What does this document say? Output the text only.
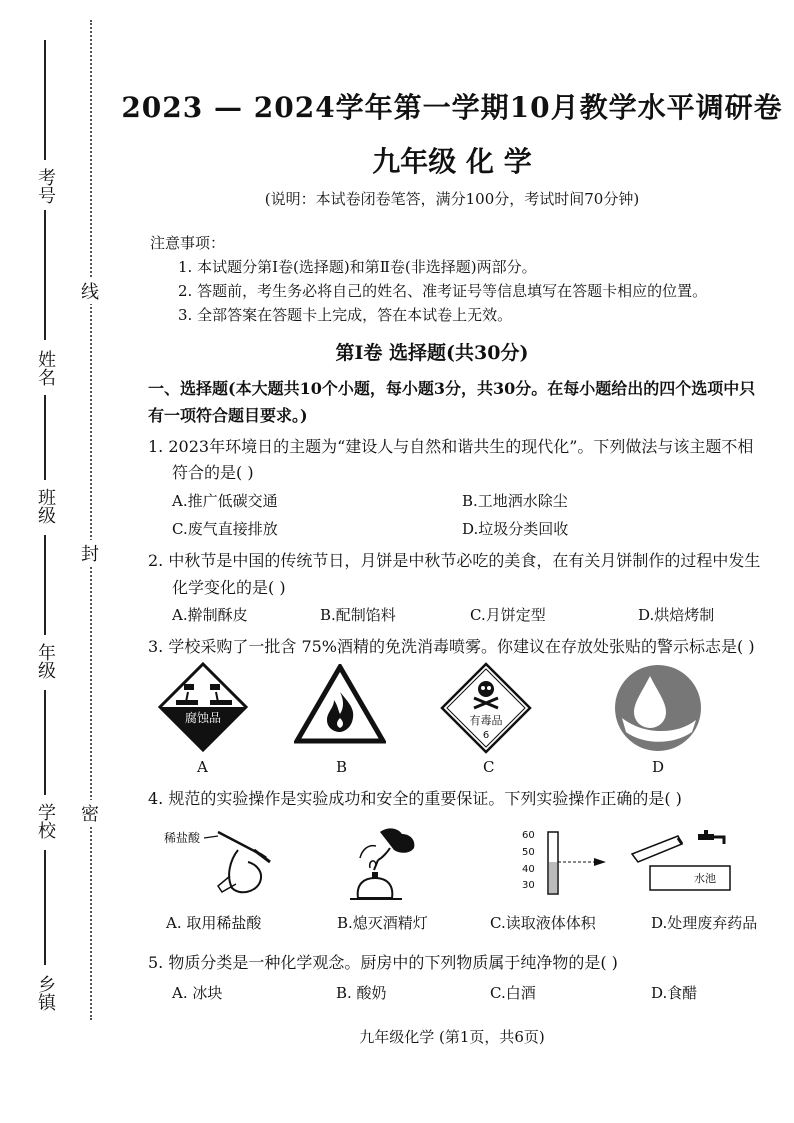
考号
姓名
班级
年级
学校
乡镇
线
封
密
2023 — 2024学年第一学期10月教学水平调研卷
九年级 化 学
(说明：本试卷闭卷笔答，满分100分，考试时间70分钟)
注意事项：
1. 本试题分第Ⅰ卷(选择题)和第Ⅱ卷(非选择题)两部分。
2. 答题前，考生务必将自己的姓名、准考证号等信息填写在答题卡相应的位置。
3. 全部答案在答题卡上完成，答在本试卷上无效。
第Ⅰ卷 选择题(共30分)
一、选择题(本大题共10个小题，每小题3分，共30分。在每小题给出的四个选项中只
有一项符合题目要求。)
1. 2023年环境日的主题为“建设人与自然和谐共生的现代化”。下列做法与该主题不相
符合的是( )
A.推广低碳交通	B.工地洒水除尘
C.废气直接排放	D.垃圾分类回收
2. 中秋节是中国的传统节日，月饼是中秋节必吃的美食，在有关月饼制作的过程中发生
化学变化的是( )
A.擀制酥皮	B.配制馅料	C.月饼定型	D.烘焙烤制
3. 学校采购了一批含 75%酒精的免洗消毒喷雾。你建议在存放处张贴的警示标志是( )
腐蚀品	有毒品
6
A	B	C	D
4. 规范的实验操作是实验成功和安全的重要保证。下列实验操作正确的是( )
稀盐酸	60
50
40
30
水池
A. 取用稀盐酸	B.熄灭酒精灯	C.读取液体体积	D.处理废弃药品
5. 物质分类是一种化学观念。厨房中的下列物质属于纯净物的是( )
A. 冰块	B. 酸奶	C.白酒	D.食醋
九年级化学 (第1页，共6页)
